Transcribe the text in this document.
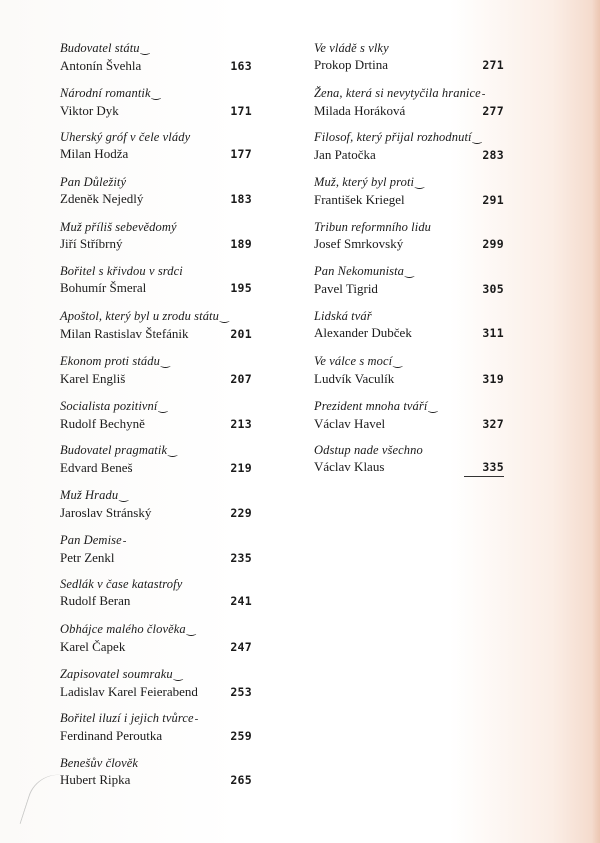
Budovatel státu‿
Antonín Švehla	163
Národní romantik‿
Viktor Dyk	171
Uherský gróf v čele vlády
Milan Hodža	177
Pan Důležitý
Zdeněk Nejedlý	183
Muž příliš sebevědomý
Jiří Stříbrný	189
Bořitel s křivdou v srdci
Bohumír Šmeral	195
Apoštol, který byl u zrodu státu‿
Milan Rastislav Štefánik	201
Ekonom proti stádu‿
Karel Engliš	207
Socialista pozitivní‿
Rudolf Bechyně	213
Budovatel pragmatik‿
Edvard Beneš	219
Muž Hradu‿
Jaroslav Stránský	229
Pan Demise-
Petr Zenkl	235
Sedlák v čase katastrofy
Rudolf Beran	241
Obhájce malého člověka‿
Karel Čapek	247
Zapisovatel soumraku‿
Ladislav Karel Feierabend	253
Bořitel iluzí i jejich tvůrce-
Ferdinand Peroutka	259
Benešův člověk
Hubert Ripka	265
Ve vládě s vlky
Prokop Drtina	271
Žena, která si nevytyčila hranice-
Milada Horáková	277
Filosof, který přijal rozhodnutí‿
Jan Patočka	283
Muž, který byl proti‿
František Kriegel	291
Tribun reformního lidu
Josef Smrkovský	299
Pan Nekomunista‿
Pavel Tigrid	305
Lidská tvář
Alexander Dubček	311
Ve válce s mocí‿
Ludvík Vaculík	319
Prezident mnoha tváří‿
Václav Havel	327
Odstup nade všechno
Václav Klaus	335
